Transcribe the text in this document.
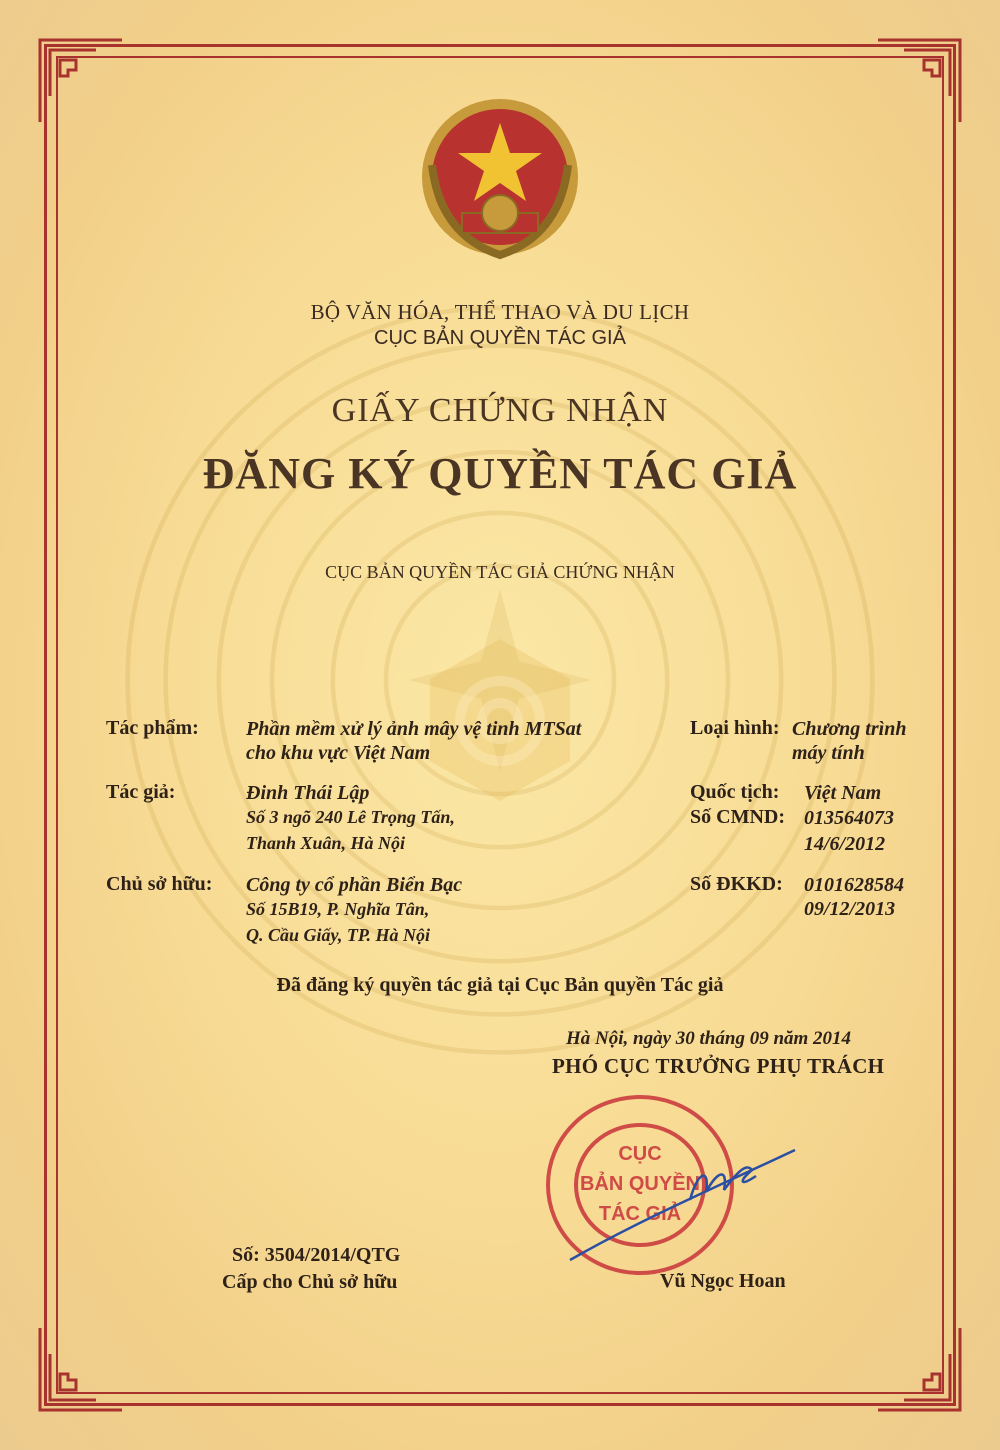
BỘ VĂN HÓA, THỂ THAO VÀ DU LỊCH
CỤC BẢN QUYỀN TÁC GIẢ
GIẤY CHỨNG NHẬN
ĐĂNG KÝ QUYỀN TÁC GIẢ
CỤC BẢN QUYỀN TÁC GIẢ CHỨNG NHẬN
Tác phẩm: Phần mềm xử lý ảnh mây vệ tinh MTSat
cho khu vực Việt Nam
Loại hình: Chương trình
máy tính
Tác giả:	Đinh Thái Lập
Số 3 ngõ 240 Lê Trọng Tấn,
Thanh Xuân, Hà Nội
Quốc tịch: Việt Nam
Số CMND: 013564073
14/6/2012
Chủ sở hữu: Công ty cổ phần Biển Bạc
Số 15B19, P. Nghĩa Tân,
Q. Cầu Giấy, TP. Hà Nội
Số ĐKKD: 0101628584
09/12/2013
Đã đăng ký quyền tác giả tại Cục Bản quyền Tác giả
Hà Nội, ngày 30 tháng 09 năm 2014
PHÓ CỤC TRƯỞNG PHỤ TRÁCH
CỤC
BẢN QUYỀN
TÁC GIẢ
Vũ Ngọc Hoan
Số: 3504/2014/QTG
Cấp cho Chủ sở hữu
